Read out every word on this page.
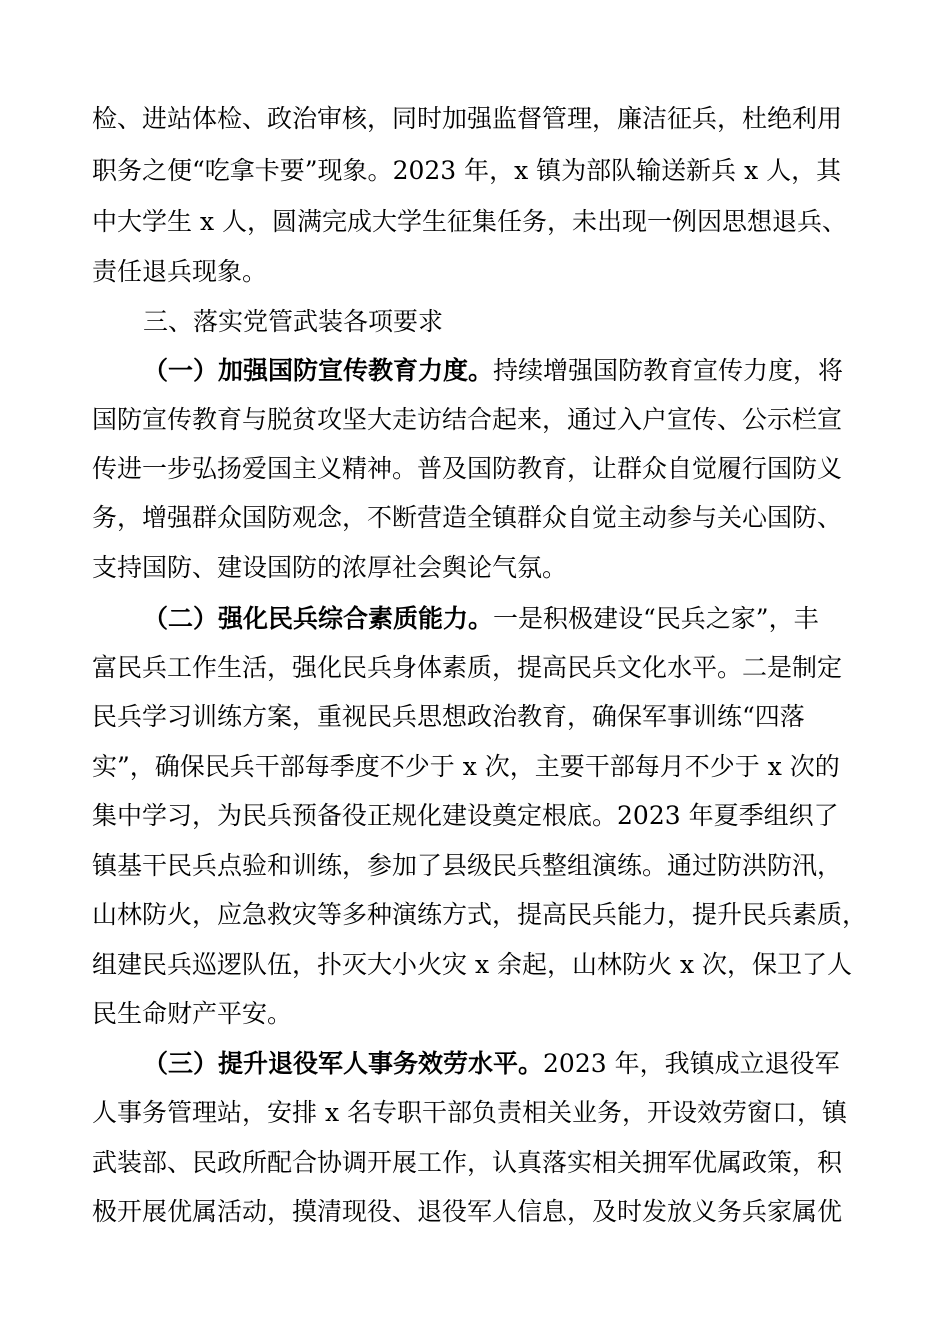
检、进站体检、政治审核，同时加强监督管理，廉洁征兵，杜绝利用
职务之便“吃拿卡要”现象。2023 年，x 镇为部队输送新兵 x 人，其
中大学生 x 人，圆满完成大学生征集任务，未出现一例因思想退兵、
责任退兵现象。
三、落实党管武装各项要求
（一）加强国防宣传教育力度。持续增强国防教育宣传力度，将
国防宣传教育与脱贫攻坚大走访结合起来，通过入户宣传、公示栏宣
传进一步弘扬爱国主义精神。普及国防教育，让群众自觉履行国防义
务，增强群众国防观念，不断营造全镇群众自觉主动参与关心国防、
支持国防、建设国防的浓厚社会舆论气氛。
（二）强化民兵综合素质能力。一是积极建设“民兵之家”，丰
富民兵工作生活，强化民兵身体素质，提高民兵文化水平。二是制定
民兵学习训练方案，重视民兵思想政治教育，确保军事训练“四落
实”，确保民兵干部每季度不少于 x 次，主要干部每月不少于 x 次的
集中学习，为民兵预备役正规化建设奠定根底。2023 年夏季组织了
镇基干民兵点验和训练，参加了县级民兵整组演练。通过防洪防汛，
山林防火，应急救灾等多种演练方式，提高民兵能力，提升民兵素质，
组建民兵巡逻队伍，扑灭大小火灾 x 余起，山林防火 x 次，保卫了人
民生命财产平安。
（三）提升退役军人事务效劳水平。2023 年，我镇成立退役军
人事务管理站，安排 x 名专职干部负责相关业务，开设效劳窗口，镇
武装部、民政所配合协调开展工作，认真落实相关拥军优属政策，积
极开展优属活动，摸清现役、退役军人信息，及时发放义务兵家属优
